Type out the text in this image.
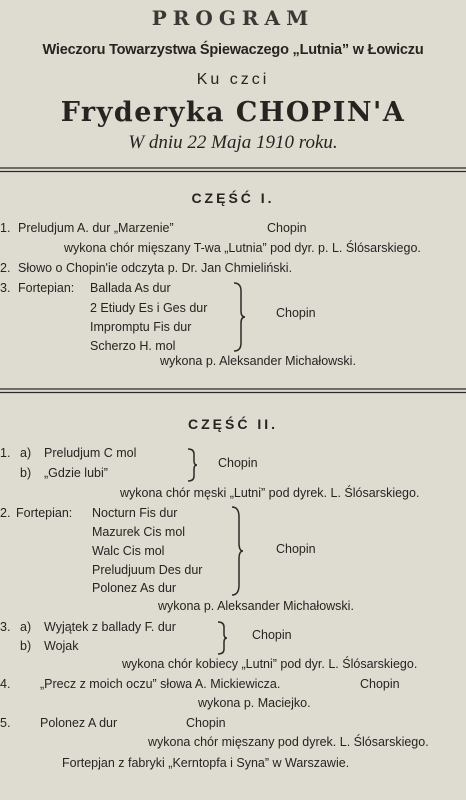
PROGRAM
Wieczoru Towarzystwa Śpiewaczego „Lutnia” w Łowiczu
Ku czci
Fryderyka CHOPIN'A
W dniu 22 Maja 1910 roku.
CZĘŚĆ I.
1. Preludjum A. dur „Marzenie”	Chopin
wykona chór mięszany T-wa „Lutnia” pod dyr. p. L. Ślósarskiego.
2. Słowo o Chopin'ie odczyta p. Dr. Jan Chmieliński.
3. Fortepian: Ballada As dur
2 Etiudy Es i Ges dur
Impromptu Fis dur
Scherzo H. mol
Chopin
wykona p. Aleksander Michałowski.
CZĘŚĆ II.
1. a) Preludjum C mol
b) „Gdzie lubi”
Chopin
wykona chór męski „Lutni” pod dyrek. L. Ślósarskiego.
2. Fortepian: Nocturn Fis dur
Mazurek Cis mol
Walc Cis mol
Preludjuum Des dur
Polonez As dur
Chopin
wykona p. Aleksander Michałowski.
3. a) Wyjątek z ballady F. dur
b) Wojak
Chopin
wykona chór kobiecy „Lutni” pod dyr. L. Ślósarskiego.
4. „Precz z moich oczu” słowa A. Mickiewicza.	Chopin
wykona p. Maciejko.
5. Polonez A dur	Chopin
wykona chór mięszany pod dyrek. L. Ślósarskiego.
Fortepjan z fabryki „Kerntopfa i Syna” w Warszawie.
